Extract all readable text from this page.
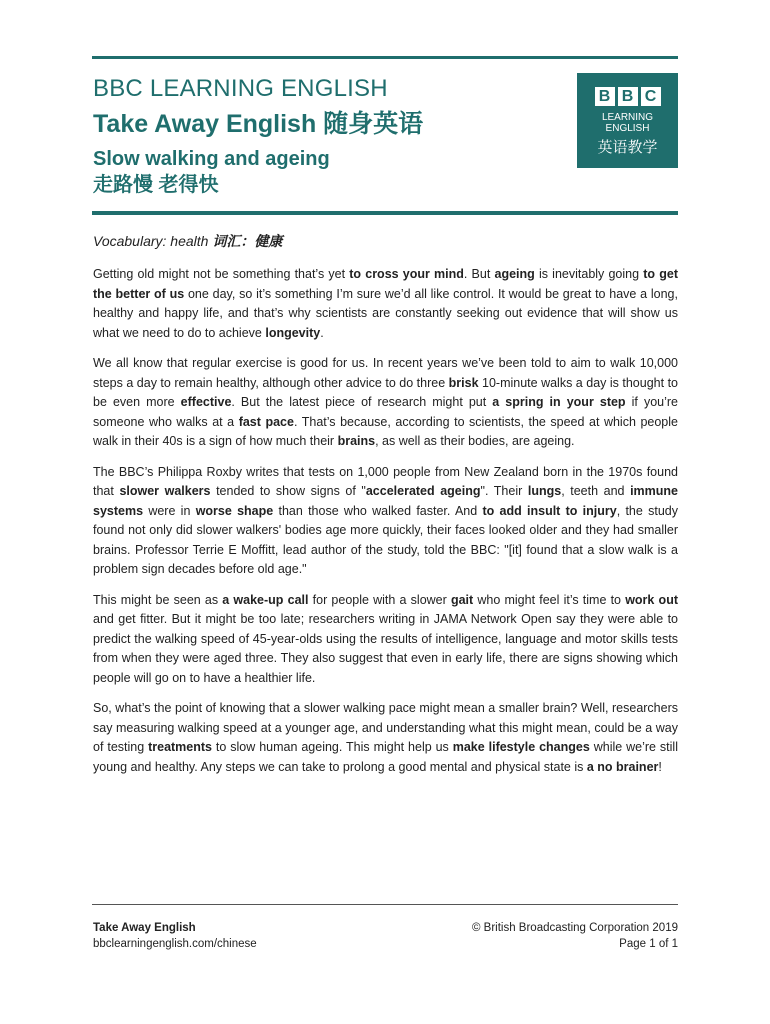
BBC LEARNING ENGLISH
Take Away English 随身英语
Slow walking and ageing
走路慢 老得快
B B C
LEARNING
ENGLISH
英语教学
Vocabulary: health 词汇：健康

Getting old might not be something that’s yet to cross your mind. But ageing is inevitably going to get the better of us one day, so it’s something I’m sure we’d all like control. It would be great to have a long, healthy and happy life, and that’s why scientists are constantly seeking out evidence that will show us what we need to do to achieve longevity.

We all know that regular exercise is good for us. In recent years we’ve been told to aim to walk 10,000 steps a day to remain healthy, although other advice to do three brisk 10-minute walks a day is thought to be even more effective. But the latest piece of research might put a spring in your step if you’re someone who walks at a fast pace. That’s because, according to scientists, the speed at which people walk in their 40s is a sign of how much their brains, as well as their bodies, are ageing.

The BBC’s Philippa Roxby writes that tests on 1,000 people from New Zealand born in the 1970s found that slower walkers tended to show signs of "accelerated ageing". Their lungs, teeth and immune systems were in worse shape than those who walked faster. And to add insult to injury, the study found not only did slower walkers' bodies age more quickly, their faces looked older and they had smaller brains. Professor Terrie E Moffitt, lead author of the study, told the BBC: "[it] found that a slow walk is a problem sign decades before old age."

This might be seen as a wake-up call for people with a slower gait who might feel it’s time to work out and get fitter. But it might be too late; researchers writing in JAMA Network Open say they were able to predict the walking speed of 45-year-olds using the results of intelligence, language and motor skills tests from when they were aged three. They also suggest that even in early life, there are signs showing which people will go on to have a healthier life.

So, what’s the point of knowing that a slower walking pace might mean a smaller brain? Well, researchers say measuring walking speed at a younger age, and understanding what this might mean, could be a way of testing treatments to slow human ageing. This might help us make lifestyle changes while we’re still young and healthy. Any steps we can take to prolong a good mental and physical state is a no brainer!

Take Away English
bbclearningenglish.com/chinese
© British Broadcasting Corporation 2019
Page 1 of 1
